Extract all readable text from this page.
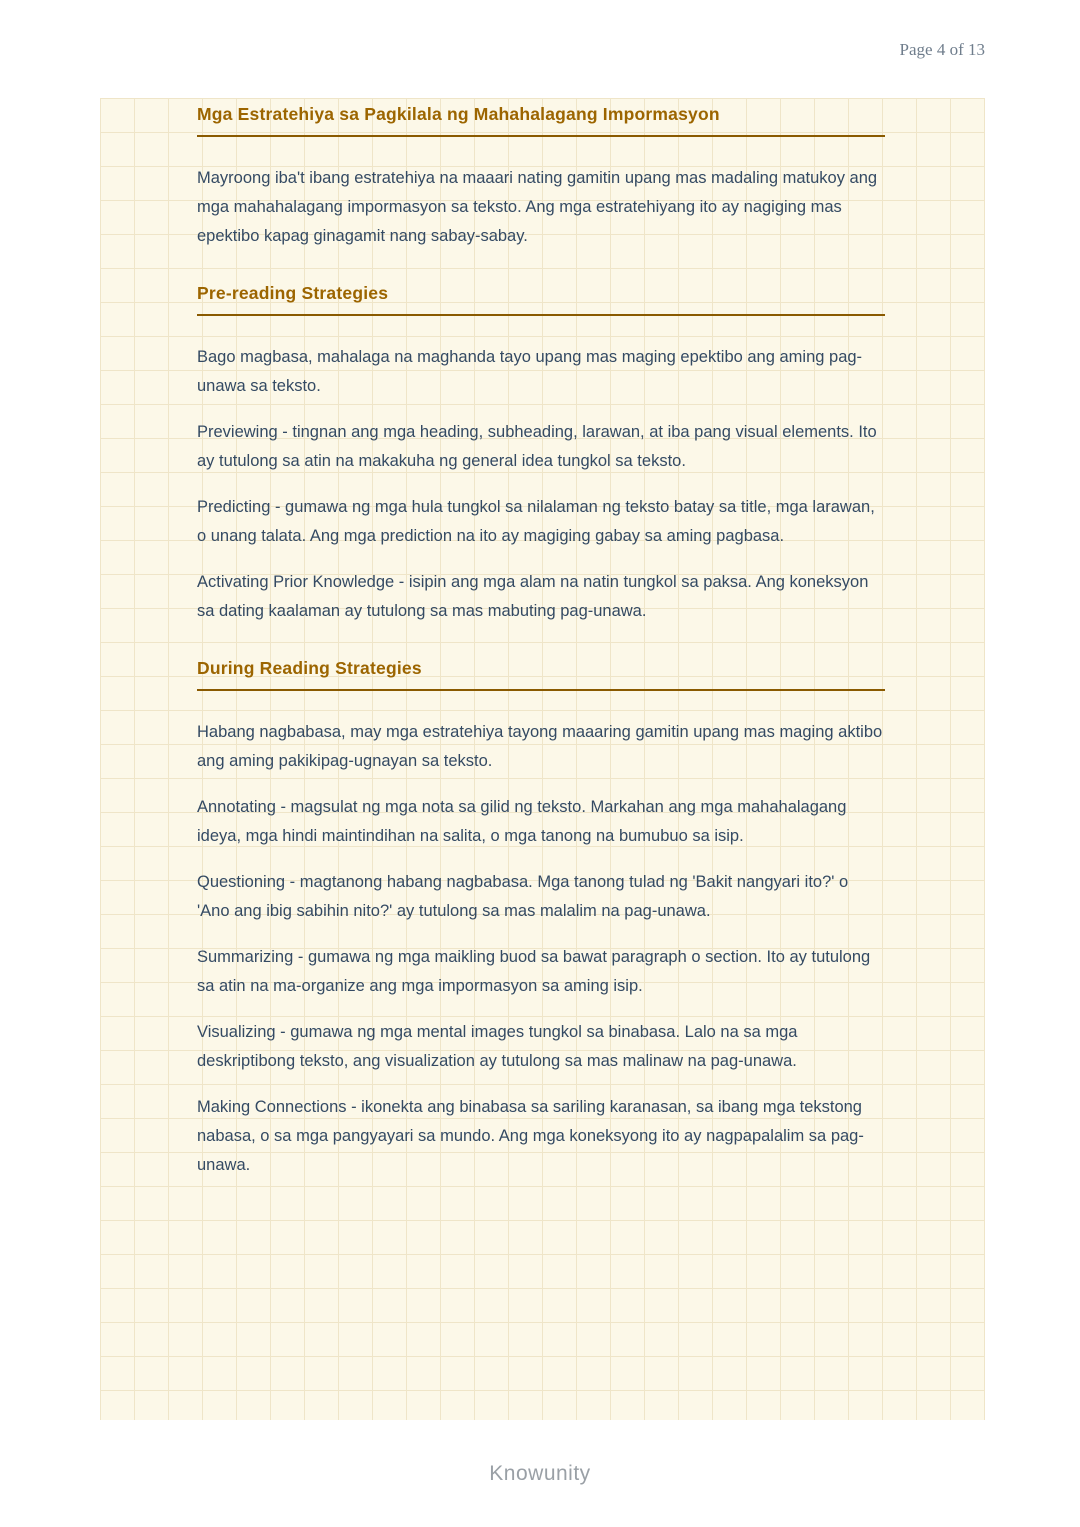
Page 4 of 13
Mga Estratehiya sa Pagkilala ng Mahahalagang Impormasyon

Mayroong iba't ibang estratehiya na maaari nating gamitin upang mas madaling matukoy ang mga mahahalagang impormasyon sa teksto. Ang mga estratehiyang ito ay nagiging mas epektibo kapag ginagamit nang sabay-sabay.

Pre-reading Strategies

Bago magbasa, mahalaga na maghanda tayo upang mas maging epektibo ang aming pag-unawa sa teksto.

Previewing - tingnan ang mga heading, subheading, larawan, at iba pang visual elements. Ito ay tutulong sa atin na makakuha ng general idea tungkol sa teksto.

Predicting - gumawa ng mga hula tungkol sa nilalaman ng teksto batay sa title, mga larawan, o unang talata. Ang mga prediction na ito ay magiging gabay sa aming pagbasa.

Activating Prior Knowledge - isipin ang mga alam na natin tungkol sa paksa. Ang koneksyon sa dating kaalaman ay tutulong sa mas mabuting pag-unawa.

During Reading Strategies

Habang nagbabasa, may mga estratehiya tayong maaaring gamitin upang mas maging aktibo ang aming pakikipag-ugnayan sa teksto.

Annotating - magsulat ng mga nota sa gilid ng teksto. Markahan ang mga mahahalagang ideya, mga hindi maintindihan na salita, o mga tanong na bumubuo sa isip.

Questioning - magtanong habang nagbabasa. Mga tanong tulad ng 'Bakit nangyari ito?' o 'Ano ang ibig sabihin nito?' ay tutulong sa mas malalim na pag-unawa.

Summarizing - gumawa ng mga maikling buod sa bawat paragraph o section. Ito ay tutulong sa atin na ma-organize ang mga impormasyon sa aming isip.

Visualizing - gumawa ng mga mental images tungkol sa binabasa. Lalo na sa mga deskriptibong teksto, ang visualization ay tutulong sa mas malinaw na pag-unawa.

Making Connections - ikonekta ang binabasa sa sariling karanasan, sa ibang mga tekstong nabasa, o sa mga pangyayari sa mundo. Ang mga koneksyong ito ay nagpapalalim sa pag-unawa.

Knowunity
